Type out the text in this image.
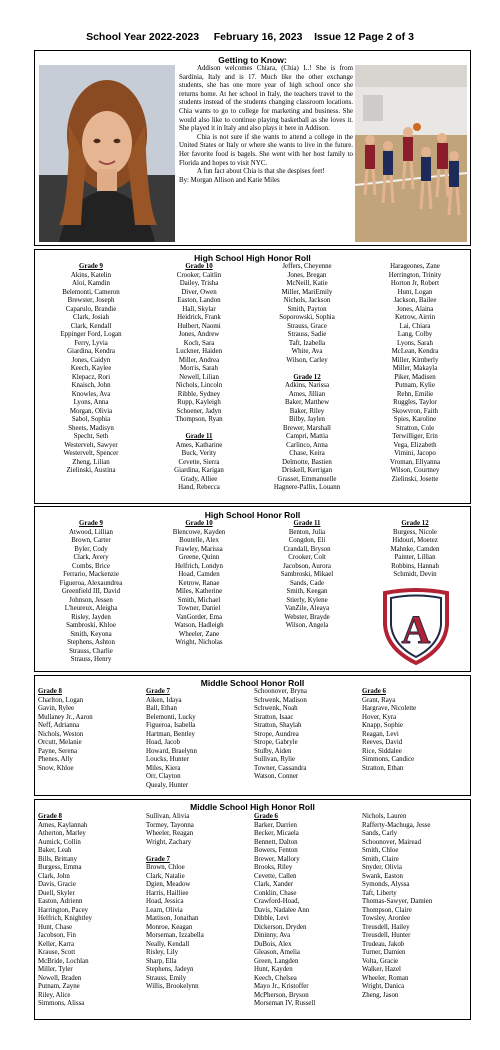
School Year 2022-2023 February 16, 2023 Issue 12 Page 2 of 3
Getting to Know:

Addison welcomes Chiara, (Chia) L.! She is from Sardinia, Italy and is 17. Much like the other exchange students, she has one more year of high school once she returns home. At her school in Italy, the teachers travel to the students instead of the students changing classroom locations. Chia wants to go to college for marketing and business. She would also like to continue playing basketball as she loves it. She played it in Italy and also plays it here in Addison.

Chia is not sure if she wants to attend a college in the United States or Italy or where she wants to live in the future. Her favorite food is bagels. She went with her host family to Florida and hopes to visit NYC.

A fun fact about Chia is that she despises feet!

By: Morgan Allison and Katie Miles

High School High Honor Roll
Grade 9
Akins, Katelin
Aloi, Kamdin
Belemonti, Cameron
Brewster, Joseph
Caparulo, Brandie
Clark, Josiah
Clark, Kendall
Eppinger Ford, Logan
Ferry, Lyvia
Giardina, Kendra
Jones, Caidyn
Keech, Kaylee
Klepacz, Rori
Knaisch, John
Knowles, Ava
Lyons, Anna
Morgan, Olivia
Sabol, Sophia
Sheets, Madisyn
Specht, Seth
Westervelt, Sawyer
Westervelt, Spencer
Zheng, Lilian
Zielinski, Austina
Grade 10
Crooker, Caitlin
Dailey, Trisha
Diver, Owen
Easton, Landon
Hall, Skylar
Heidrick, Frank
Hulbert, Naomi
Jones, Andrew
Koch, Sara
Luckner, Haiden
Miller, Andrea
Morris, Sarah
Newell, Lilian
Nichols, Lincoln
Ribble, Sydney
Rupp, Kayleigh
Schoener, Jadyn
Thompson, Ryan
Grade 11
Ames, Katharine
Buck, Verity
Cevette, Sierra
Giardina, Karigan
Grady, Alliee
Hand, Rebecca
Jeffers, Cheyenne
Jones, Bregan
McNeill, Katie
Miller, MariEmily
Nichols, Jackson
Smith, Payton
Soporowski, Sophia
Strauss, Grace
Strauss, Sadie
Taft, Izabella
White, Ava
Wilson, Carley
Grade 12
Adkins, Narissa
Ames, Jillian
Baker, Matthew
Baker, Riley
Bilby, Jaylen
Brewer, Marshall
Campri, Mattia
Carlinco, Anna
Chase, Keira
Delmotte, Bastien
Driskell, Kerrigan
Grasset, Emmanuelle
Hagnere-Pallix, Louann
Harageones, Zane
Herrington, Trinity
Horton Jr, Robert
Hunt, Logan
Jackson, Bailee
Jones, Alaina
Ketrow, Airrin
Lai, Chiara
Lang, Colby
Lyons, Sarah
McLean, Kendra
Miller, Kimberly
Miller, Makayla
Piker, Madisen
Putnam, Kylie
Rehn, Emilie
Ruggles, Taylor
Skowvron, Faith
Spies, Karoline
Stratton, Cole
Terwilliger, Erin
Vega, Elizabeth
Vimini, Jacopo
Vroman, Ellyanna
Wilson, Courtney
Zielinski, Josette
High School Honor Roll
Grade 9
Atwood, Lillian
Brown, Carter
Byler, Cody
Clark, Avery
Combs, Brice
Ferrario, Mackenzie
Figueroa, Alexaundrea
Greenfield III, David
Johnson, Jessen
L'heureux, Aleigha
Risley, Jayden
Sambroski, Khloe
Smith, Keyona
Stephens, Ashton
Strauss, Charlie
Strauss, Henry
Grade 10
Blencowe, Kayden
Boutelle, Alex
Frawley, Marissa
Greene, Quinn
Helfrich, Londyn
Hoad, Camden
Ketrow, Ranae
Miles, Katherine
Smith, Michael
Towner, Daniel
VanGorder, Ema
Watson, Hadleigh
Wheeler, Zane
Wright, Nicholas
Grade 11
Benton, Julia
Congdon, Eli
Crandall, Bryson
Crooker, Colt
Jacobson, Aurora
Sambroski, Mikael
Sands, Cade
Smith, Keegan
Stierly, Kylene
VanZile, Aleaya
Webster, Brayde
Wilson, Angela
Grade 12
Burgess, Nicole
Hidouri, Moetez
Mahnke, Camden
Painter, Lillian
Robbins, Hannah
Schmidt, Devin
A
Middle School Honor Roll
Grade 8
Charlton, Logan
Gavin, Rylee
Mullaney Jr., Aaron
Neff, Adrianna
Nichols, Weston
Orcutt, Melanie
Payne, Serena
Phenes, Ally
Snow, Khloe
Grade 7
Aiken, Idaya
Ball, Ethan
Belemonti, Lucky
Figueroa, Isabella
Hartman, Bentley
Hoad, Jacob
Howard, Braelynn
Loucks, Hunter
Miles, Kiera
Orr, Clayton
Quealy, Hunter
Schoonover, Bryna
Schwenk, Madison
Schwenk, Noah
Stratton, Isaac
Stratton, Shaylah
Strope, Aundrea
Strope, Gabryle
Stulby, Aiden
Sullivan, Rylie
Towner, Cassandra
Watson, Conner
Grade 6
Grant, Raya
Hargrave, Nicolette
Hover, Kyra
Knapp, Sophie
Reagan, Levi
Reeves, David
Rice, Siddalee
Simmons, Candice
Stratton, Ethan
Middle School High Honor Roll
Grade 8
Ames, Kaylannah
Atherton, Marley
Aumick, Collin
Baker, Leah
Bills, Brittany
Burgess, Emma
Clark, John
Davis, Gracie
Duell, Skyler
Easton, Adrienn
Harrington, Pacey
Helfrich, Knightley
Hunt, Chase
Jacobson, Fin
Keller, Karra
Krause, Scott
McBride, Lochlan
Miller, Tyler
Newell, Braden
Putnam, Zayne
Riley, Alice
Simmons, Alissa
Sullivan, Alivia
Tormey, Tayonna
Wheeler, Reagan
Wright, Zachary
Grade 7
Brown, Chloe
Clark, Natalie
Dgien, Meadow
Harris, Hailliee
Hoad, Jessica
Learn, Olivia
Mattison, Jonathan
Monroe, Keagan
Morseman, Izzabella
Neally, Kendall
Risley, Lily
Sharp, Ella
Stephens, Jadeyn
Strauss, Emily
Willis, Brookelynn
Grade 6
Barker, Darrien
Becker, Micaela
Bennett, Dalton
Bowers, Fenton
Brewer, Mallory
Brooks, Riley
Cevette, Callen
Clark, Xander
Conklin, Chase
Crawford-Hoad,
Davis, Nadalee Ann
Dibble, Levi
Dickerson, Dryden
Dininny, Ava
DuBois, Alex
Gleason, Amelia
Green, Langden
Hunt, Kayden
Keech, Chelsea
Mayo Jr., Kristoffer
McPherson, Bryson
Morseman IV, Russell
Nichols, Lauren
Rafferty-Machuga, Jesse
Sands, Carly
Schoonover, Mairead
Smith, Chloe
Smith, Claire
Snyder, Olivia
Swank, Easton
Symonds, Alyssa
Taft, Liberty
Thomas-Sawyer, Damien
Thompson, Claire
Towsley, Aronlee
Treusdell, Hailey
Treusdell, Hunter
Trudeau, Jakob
Turner, Damien
Volta, Gracie
Walker, Hazel
Wheeler, Roman
Wright, Danica
Zheng, Jason
